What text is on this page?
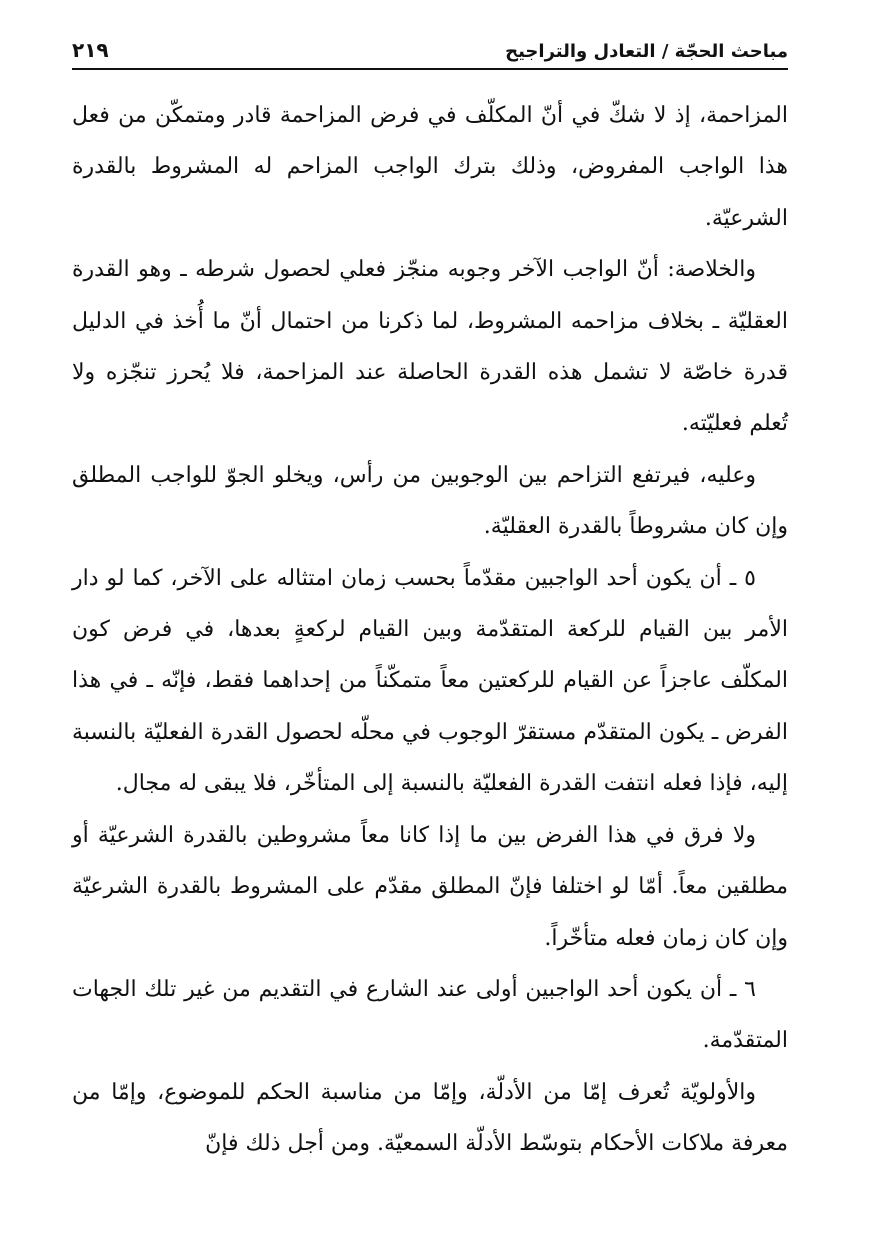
مباحث الحجّة / التعادل والتراجيح
٢١٩

المزاحمة، إذ لا شكّ في أنّ المكلّف في فرض المزاحمة قادر ومتمكّن من فعل هذا الواجب المفروض، وذلك بترك الواجب المزاحم له المشروط بالقدرة الشرعيّة.

والخلاصة: أنّ الواجب الآخر وجوبه منجّز فعلي لحصول شرطه ـ وهو القدرة العقليّة ـ بخلاف مزاحمه المشروط، لما ذكرنا من احتمال أنّ ما أُخذ في الدليل قدرة خاصّة لا تشمل هذه القدرة الحاصلة عند المزاحمة، فلا يُحرز تنجّزه ولا تُعلم فعليّته.

وعليه، فيرتفع التزاحم بين الوجوبين من رأس، ويخلو الجوّ للواجب المطلق وإن كان مشروطاً بالقدرة العقليّة.

٥ ـ أن يكون أحد الواجبين مقدّماً بحسب زمان امتثاله على الآخر، كما لو دار الأمر بين القيام للركعة المتقدّمة وبين القيام لركعةٍ بعدها، في فرض كون المكلّف عاجزاً عن القيام للركعتين معاً متمكّناً من إحداهما فقط، فإنّه ـ في هذا الفرض ـ يكون المتقدّم مستقرّ الوجوب في محلّه لحصول القدرة الفعليّة بالنسبة إليه، فإذا فعله انتفت القدرة الفعليّة بالنسبة إلى المتأخّر، فلا يبقى له مجال.

ولا فرق في هذا الفرض بين ما إذا كانا معاً مشروطين بالقدرة الشرعيّة أو مطلقين معاً. أمّا لو اختلفا فإنّ المطلق مقدّم على المشروط بالقدرة الشرعيّة وإن كان زمان فعله متأخّراً.

٦ ـ أن يكون أحد الواجبين أولى عند الشارع في التقديم من غير تلك الجهات المتقدّمة.

والأولويّة تُعرف إمّا من الأدلّة، وإمّا من مناسبة الحكم للموضوع، وإمّا من معرفة ملاكات الأحكام بتوسّط الأدلّة السمعيّة. ومن أجل ذلك فإنّ
